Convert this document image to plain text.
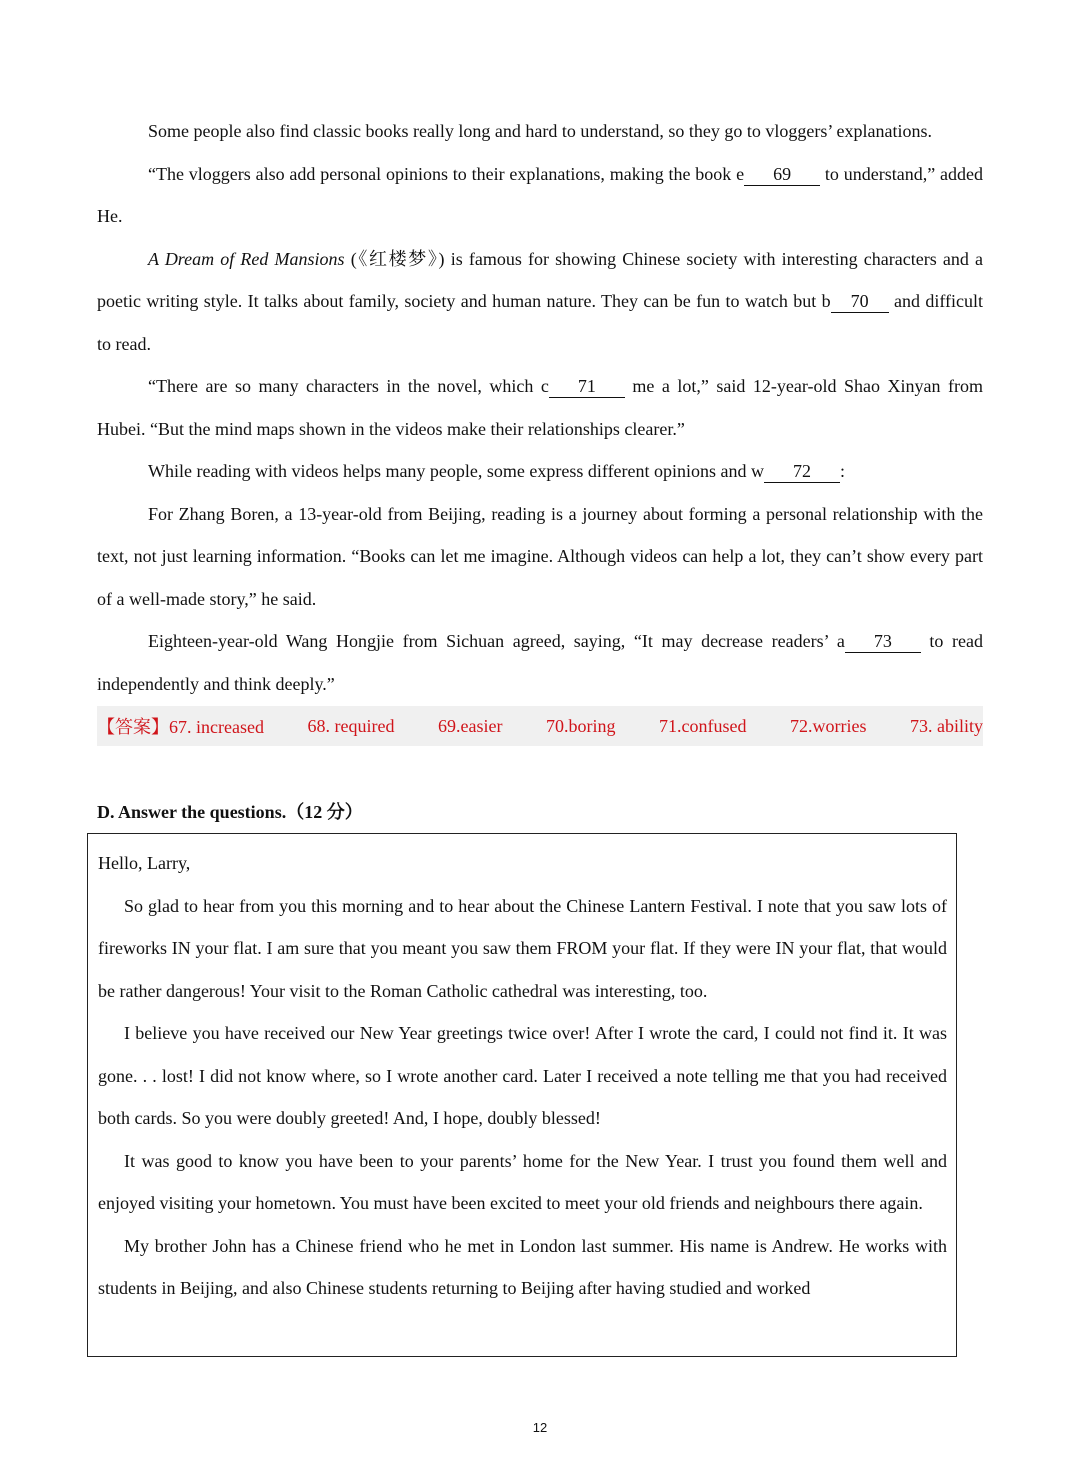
Some people also find classic books really long and hard to understand, so they go to vloggers’ explanations.

“The vloggers also add personal opinions to their explanations, making the book e 69 to understand,” added He.

A Dream of Red Mansions (《红楼梦》) is famous for showing Chinese society with interesting characters and a poetic writing style. It talks about family, society and human nature. They can be fun to watch but b 70 and difficult to read.

“There are so many characters in the novel, which c 71 me a lot,” said 12-year-old Shao Xinyan from Hubei. “But the mind maps shown in the videos make their relationships clearer.”

While reading with videos helps many people, some express different opinions and w 72 :

For Zhang Boren, a 13-year-old from Beijing, reading is a journey about forming a personal relationship with the text, not just learning information. “Books can let me imagine. Although videos can help a lot, they can’t show every part of a well-made story,” he said.

Eighteen-year-old Wang Hongjie from Sichuan agreed, saying, “It may decrease readers’ a 73 to read independently and think deeply.”

【答案】67. increased 68. required 69.easier 70.boring 71.confused 72.worries 73. ability
D. Answer the questions.（12 分）

Hello, Larry,

So glad to hear from you this morning and to hear about the Chinese Lantern Festival. I note that you saw lots of fireworks IN your flat. I am sure that you meant you saw them FROM your flat. If they were IN your flat, that would be rather dangerous! Your visit to the Roman Catholic cathedral was interesting, too.

I believe you have received our New Year greetings twice over! After I wrote the card, I could not find it. It was gone. . . lost! I did not know where, so I wrote another card. Later I received a note telling me that you had received both cards. So you were doubly greeted! And, I hope, doubly blessed!

It was good to know you have been to your parents’ home for the New Year. I trust you found them well and enjoyed visiting your hometown. You must have been excited to meet your old friends and neighbours there again.

My brother John has a Chinese friend who he met in London last summer. His name is Andrew. He works with students in Beijing, and also Chinese students returning to Beijing after having studied and worked

12
